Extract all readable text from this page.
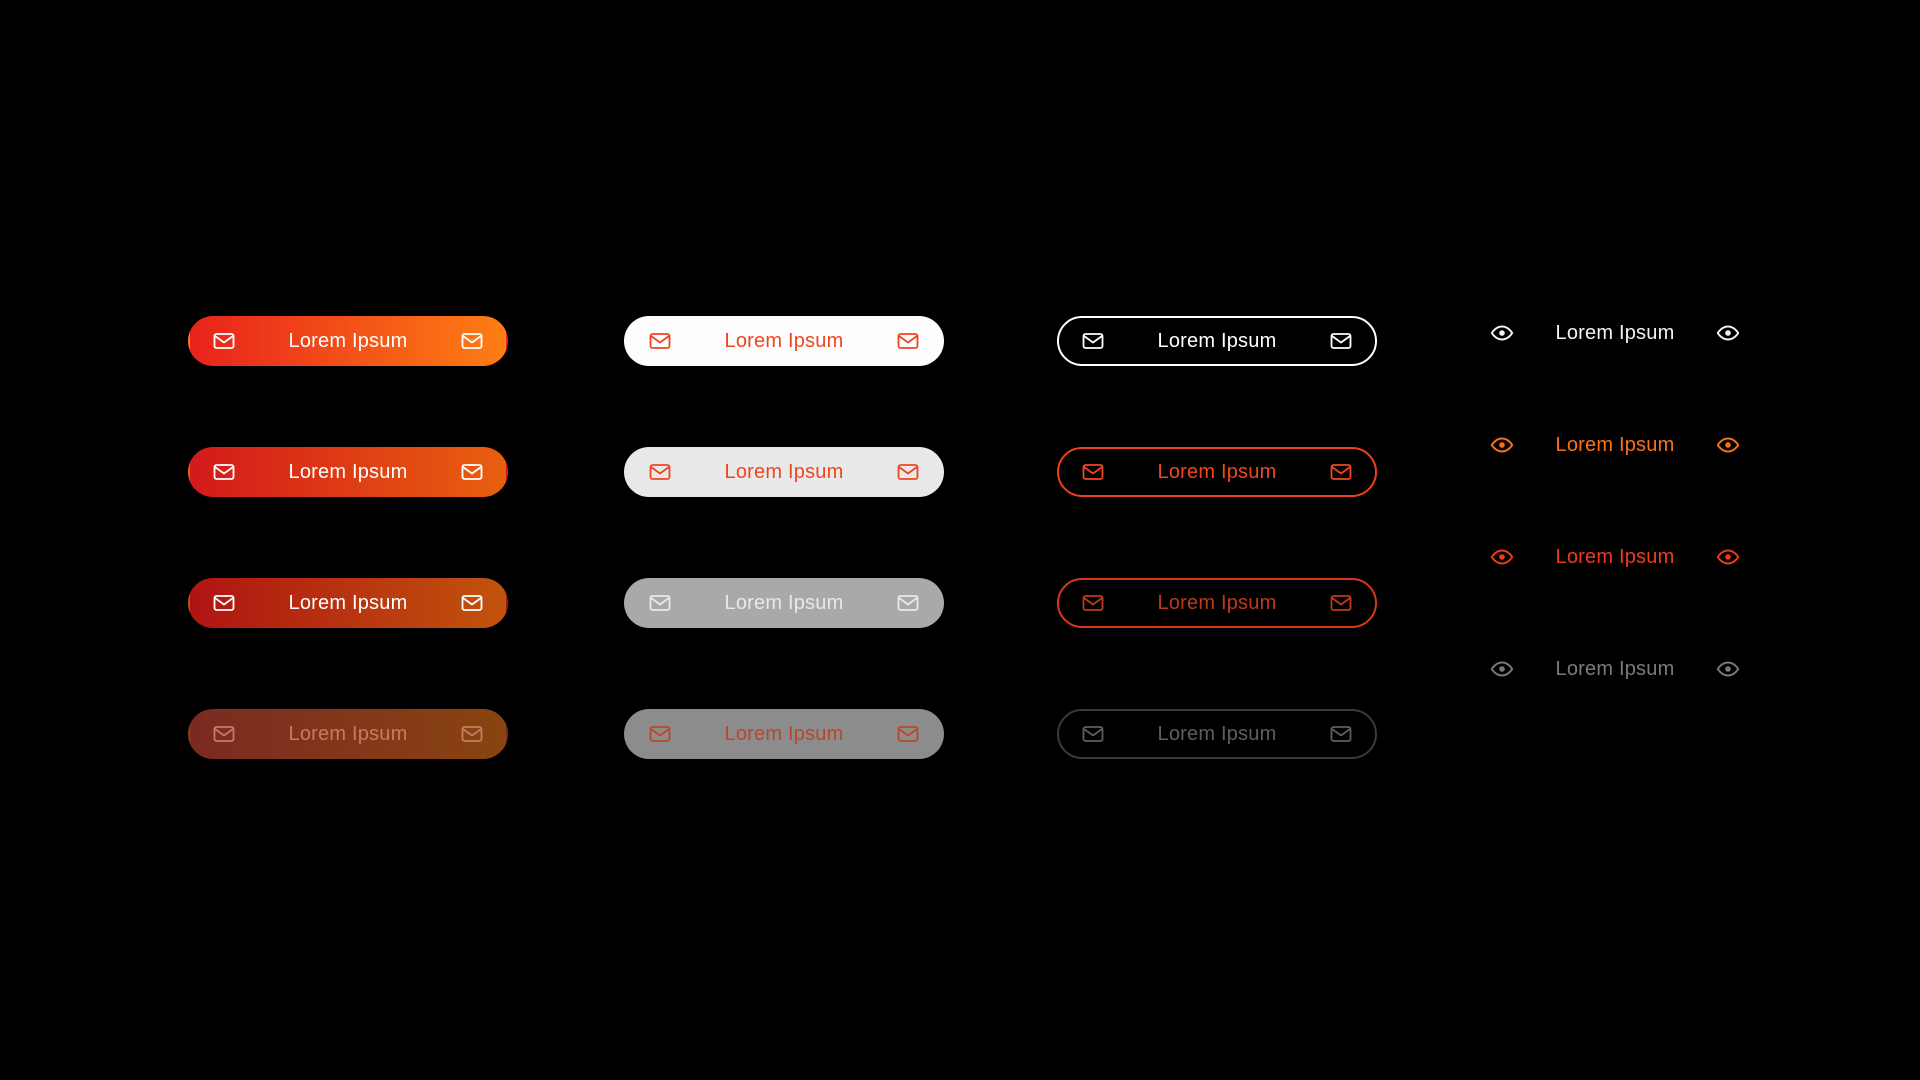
Lorem Ipsum
Lorem Ipsum
Lorem Ipsum
Lorem Ipsum
Lorem Ipsum
Lorem Ipsum
Lorem Ipsum
Lorem Ipsum
Lorem Ipsum
Lorem Ipsum
Lorem Ipsum
Lorem Ipsum
Lorem Ipsum
Lorem Ipsum
Lorem Ipsum
Lorem Ipsum
